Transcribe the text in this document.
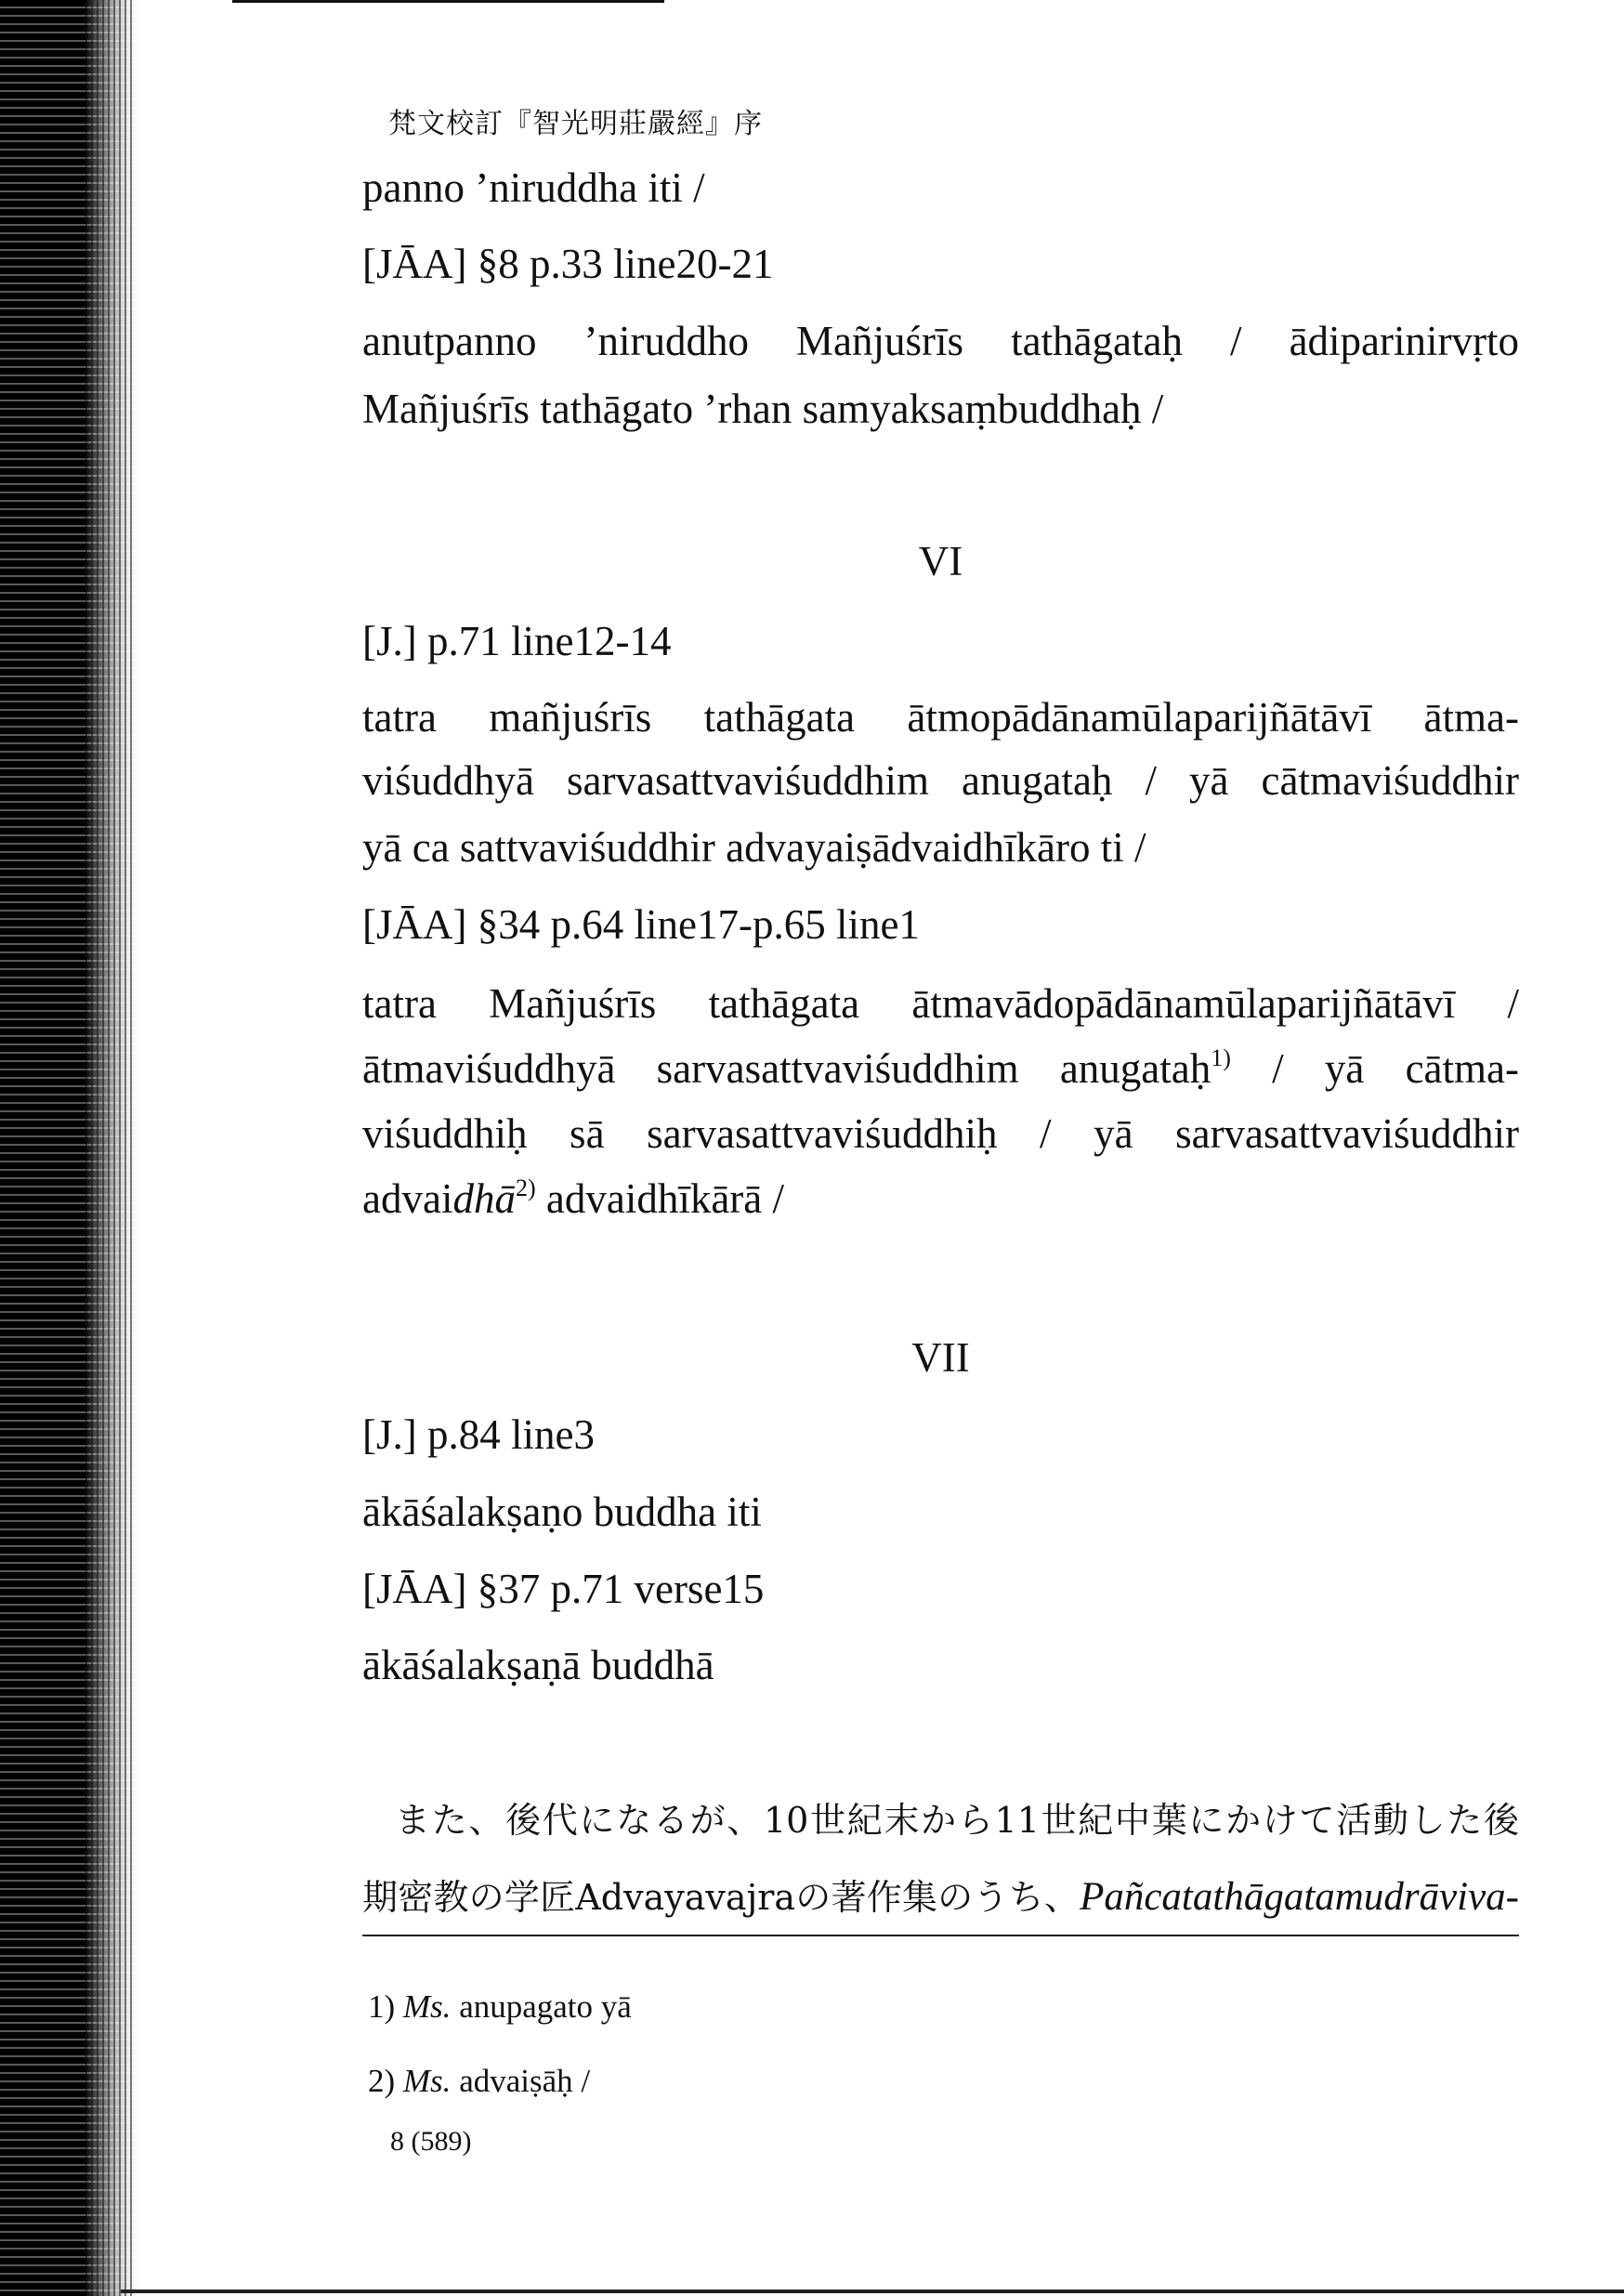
梵文校訂『智光明莊嚴經』序
panno ’niruddha iti /
[JĀA] §8 p.33 line20-21
anutpanno ’niruddho Mañjuśrīs tathāgataḥ / ādiparinirvṛto
Mañjuśrīs tathāgato ’rhan samyaksaṃbuddhaḥ /
VI
[J.] p.71 line12-14
tatra mañjuśrīs tathāgata ātmopādānamūlaparijñātāvī ātma-
viśuddhyā sarvasattvaviśuddhim anugataḥ / yā cātmaviśuddhir
yā ca sattvaviśuddhir advayaiṣādvaidhīkāro ti /
[JĀA] §34 p.64 line17-p.65 line1
tatra Mañjuśrīs tathāgata ātmavādopādānamūlaparijñātāvī /
ātmaviśuddhyā sarvasattvaviśuddhim anugataḥ$^{1)}$ / yā cātma-
viśuddhiḥ sā sarvasattvaviśuddhiḥ / yā sarvasattvaviśuddhir
advaidhā$^{2)}$ advaidhīkārā /
VII
[J.] p.84 line3
ākāśalakṣaṇo buddha iti
[JĀA] §37 p.71 verse15
ākāśalakṣaṇā buddhā
また、後代になるが、10世紀末から11世紀中葉にかけて活動した後
期密教の学匠Advayavajraの著作集のうち、Pañcatathāgatamudrāviva-
1) Ms. anupagato yā
2) Ms. advaiṣāḥ /
8 (589)
